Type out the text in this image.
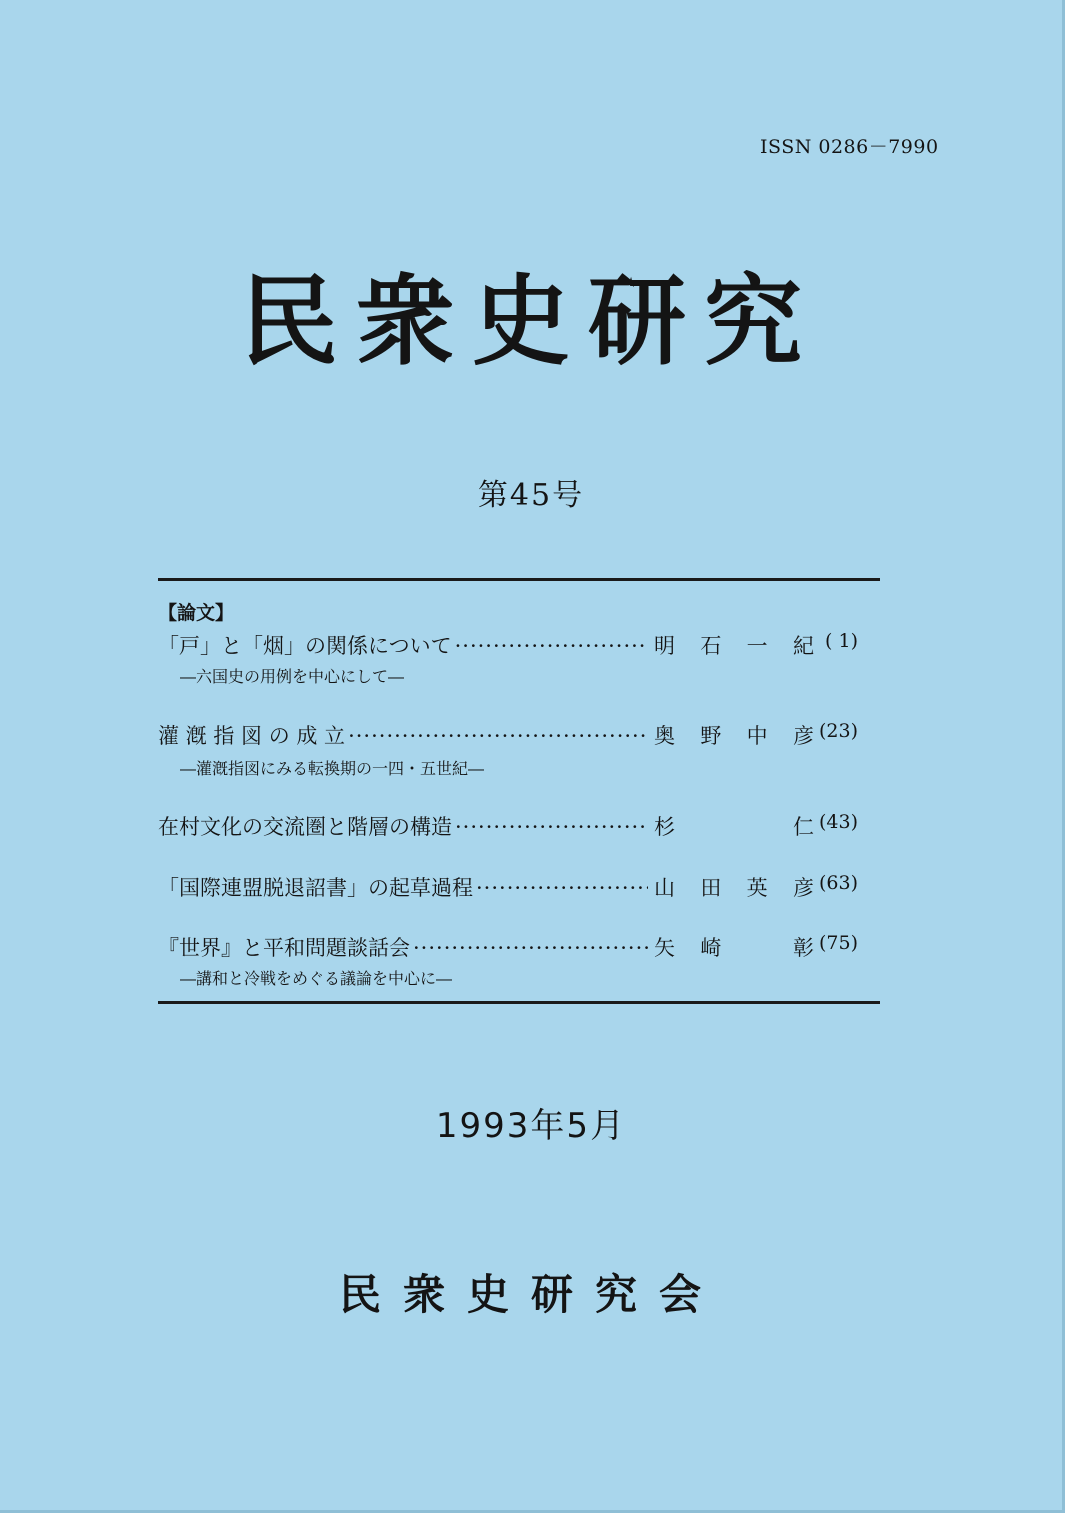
ISSN 0286－7990
民衆史研究
第45号
【論文】
「戸」と「烟」の関係について ·····	明石一紀 ( 1)
―六国史の用例を中心にして―
灌 漑 指 図 の 成 立 ·····	奥野中彦 (23)
―灌漑指図にみる転換期の一四・五世紀―
在村文化の交流圏と階層の構造 ·····	杉　　仁 (43)
「国際連盟脱退詔書」の起草過程 ·····	山田英彦 (63)
『世界』と平和問題談話会 ·····	矢崎　彰 (75)
―講和と冷戦をめぐる議論を中心に―
1993年5月
民衆史研究会
